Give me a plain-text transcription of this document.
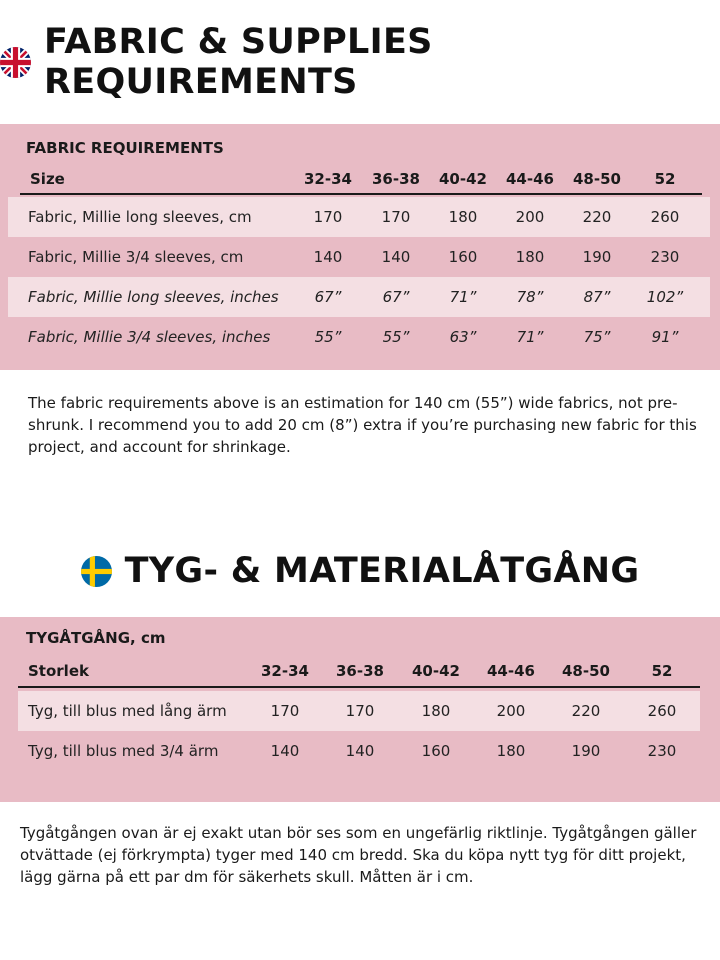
FABRIC & SUPPLIES REQUIREMENTS
FABRIC REQUIREMENTS
Size	32-34	36-38	40-42	44-46	48-50	52
Fabric, Millie long sleeves, cm	170	170	180	200	220	260
Fabric, Millie 3/4 sleeves, cm	140	140	160	180	190	230
Fabric, Millie long sleeves, inches	67”	67”	71”	78”	87”	102”
Fabric, Millie 3/4 sleeves, inches	55”	55”	63”	71”	75”	91”

The fabric requirements above is an estimation for 140 cm (55”) wide fabrics, not pre-shrunk. I recommend you to add 20 cm (8”) extra if you’re purchasing new fabric for this project, and account for shrinkage.

TYG- & MATERIALÅTGÅNG
TYGÅTGÅNG, cm
Storlek	32-34	36-38	40-42	44-46	48-50	52
Tyg, till blus med lång ärm	170	170	180	200	220	260
Tyg, till blus med 3/4 ärm	140	140	160	180	190	230

Tygåtgången ovan är ej exakt utan bör ses som en ungefärlig riktlinje. Tygåtgången gäller otvättade (ej förkrympta) tyger med 140 cm bredd. Ska du köpa nytt tyg för ditt projekt, lägg gärna på ett par dm för säkerhets skull. Måtten är i cm.
